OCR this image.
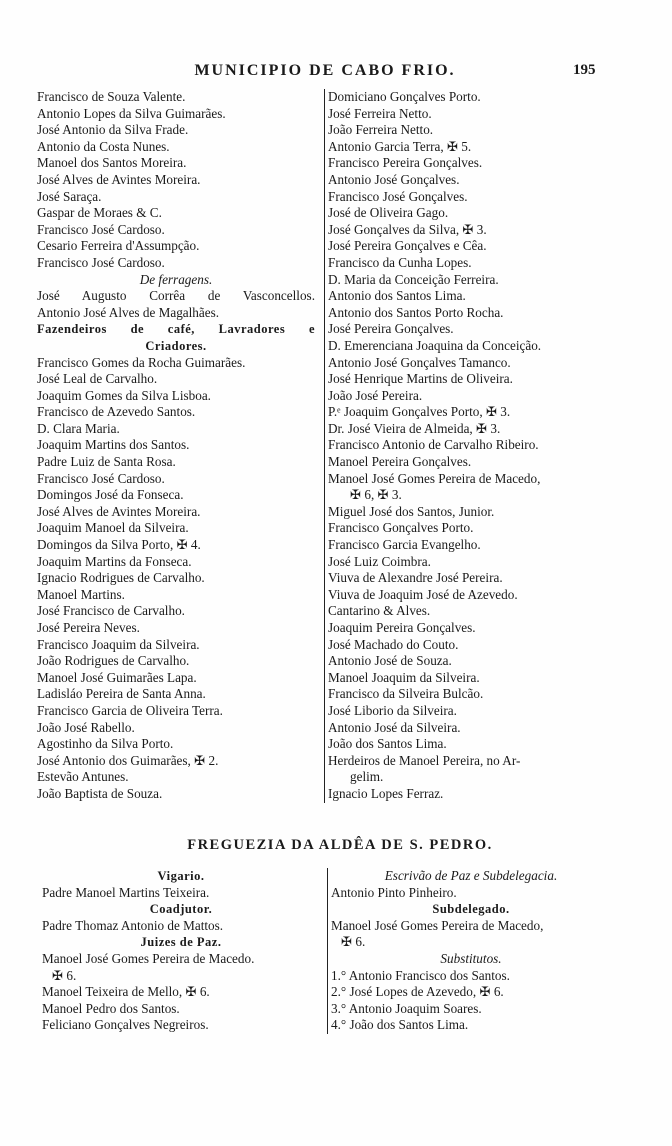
MUNICIPIO DE CABO FRIO.	195
Francisco de Souza Valente.
Antonio Lopes da Silva Guimarães.
José Antonio da Silva Frade.
Antonio da Costa Nunes.
Manoel dos Santos Moreira.
José Alves de Avintes Moreira.
José Saraça.
Gaspar de Moraes & C.
Francisco José Cardoso.
Cesario Ferreira d'Assumpção.
Francisco José Cardoso.
De ferragens.
José Augusto Corrêa de Vasconcellos.
Antonio José Alves de Magalhães.
Fazendeiros de café, Lavradores e
Criadores.
Francisco Gomes da Rocha Guimarães.
José Leal de Carvalho.
Joaquim Gomes da Silva Lisboa.
Francisco de Azevedo Santos.
D. Clara Maria.
Joaquim Martins dos Santos.
Padre Luiz de Santa Rosa.
Francisco José Cardoso.
Domingos José da Fonseca.
José Alves de Avintes Moreira.
Joaquim Manoel da Silveira.
Domingos da Silva Porto, ✠ 4.
Joaquim Martins da Fonseca.
Ignacio Rodrigues de Carvalho.
Manoel Martins.
José Francisco de Carvalho.
José Pereira Neves.
Francisco Joaquim da Silveira.
João Rodrigues de Carvalho.
Manoel José Guimarães Lapa.
Ladisláo Pereira de Santa Anna.
Francisco Garcia de Oliveira Terra.
João José Rabello.
Agostinho da Silva Porto.
José Antonio dos Guimarães, ✠ 2.
Estevão Antunes.
João Baptista de Souza.
Domiciano Gonçalves Porto.
José Ferreira Netto.
João Ferreira Netto.
Antonio Garcia Terra, ✠ 5.
Francisco Pereira Gonçalves.
Antonio José Gonçalves.
Francisco José Gonçalves.
José de Oliveira Gago.
José Gonçalves da Silva, ✠ 3.
José Pereira Gonçalves e Cêa.
Francisco da Cunha Lopes.
D. Maria da Conceição Ferreira.
Antonio dos Santos Lima.
Antonio dos Santos Porto Rocha.
José Pereira Gonçalves.
D. Emerenciana Joaquina da Conceição.
Antonio José Gonçalves Tamanco.
José Henrique Martins de Oliveira.
João José Pereira.
P.ᵉ Joaquim Gonçalves Porto, ✠ 3.
Dr. José Vieira de Almeida, ✠ 3.
Francisco Antonio de Carvalho Ribeiro.
Manoel Pereira Gonçalves.
Manoel José Gomes Pereira de Macedo,
✠ 6, ✠ 3.
Miguel José dos Santos, Junior.
Francisco Gonçalves Porto.
Francisco Garcia Evangelho.
José Luiz Coimbra.
Viuva de Alexandre José Pereira.
Viuva de Joaquim José de Azevedo.
Cantarino & Alves.
Joaquim Pereira Gonçalves.
José Machado do Couto.
Antonio José de Souza.
Manoel Joaquim da Silveira.
Francisco da Silveira Bulcão.
José Liborio da Silveira.
Antonio José da Silveira.
João dos Santos Lima.
Herdeiros de Manoel Pereira, no Ar-
gelim.
Ignacio Lopes Ferraz.
FREGUEZIA DA ALDÊA DE S. PEDRO.
Vigario.
Padre Manoel Martins Teixeira.
Coadjutor.
Padre Thomaz Antonio de Mattos.
Juizes de Paz.
Manoel José Gomes Pereira de Macedo.
✠ 6.
Manoel Teixeira de Mello, ✠ 6.
Manoel Pedro dos Santos.
Feliciano Gonçalves Negreiros.
Escrivão de Paz e Subdelegacia.
Antonio Pinto Pinheiro.
Subdelegado.
Manoel José Gomes Pereira de Macedo,
✠ 6.
Substitutos.
1.° Antonio Francisco dos Santos.
2.° José Lopes de Azevedo, ✠ 6.
3.° Antonio Joaquim Soares.
4.° João dos Santos Lima.
